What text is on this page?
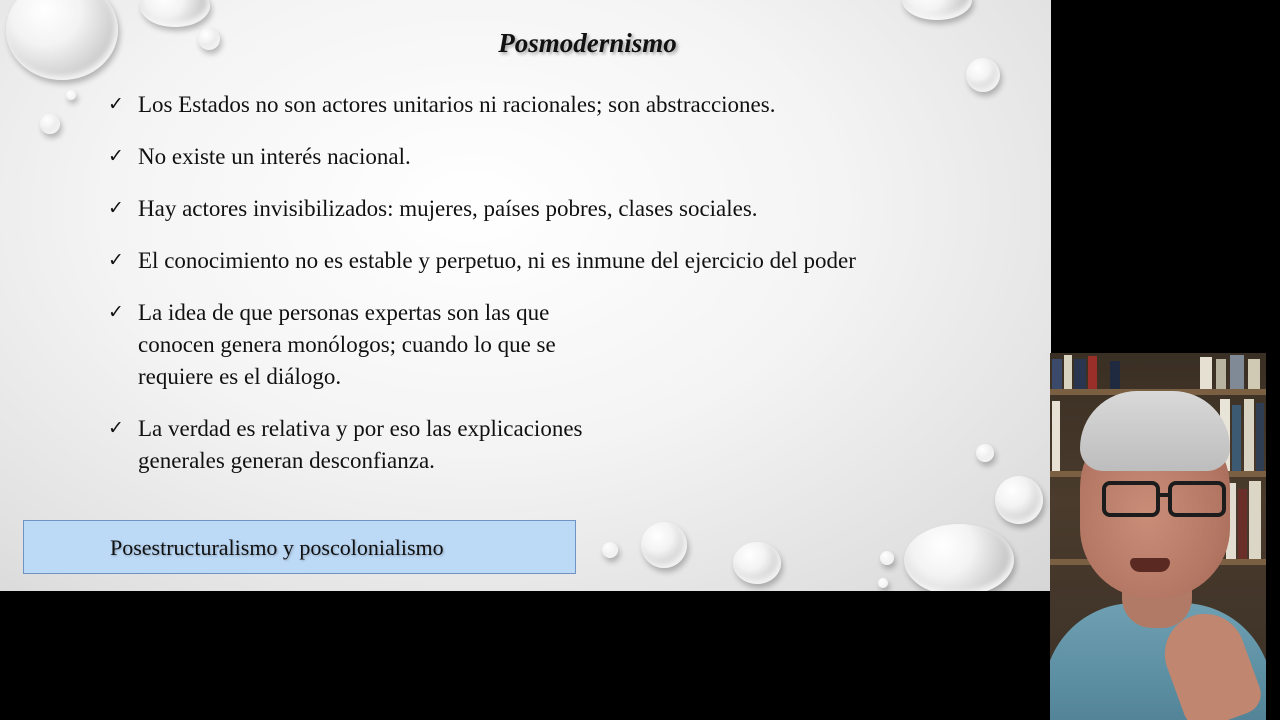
Posmodernismo
✓ Los Estados no son actores unitarios ni racionales; son abstracciones.
✓ No existe un interés nacional.
✓ Hay actores invisibilizados: mujeres, países pobres, clases sociales.
✓ El conocimiento no es estable y perpetuo, ni es inmune del ejercicio del poder
✓ La idea de que personas expertas son las que conocen genera monólogos; cuando lo que se requiere es el diálogo.
✓ La verdad es relativa y por eso las explicaciones generales generan desconfianza.
Posestructuralismo y poscolonialismo
